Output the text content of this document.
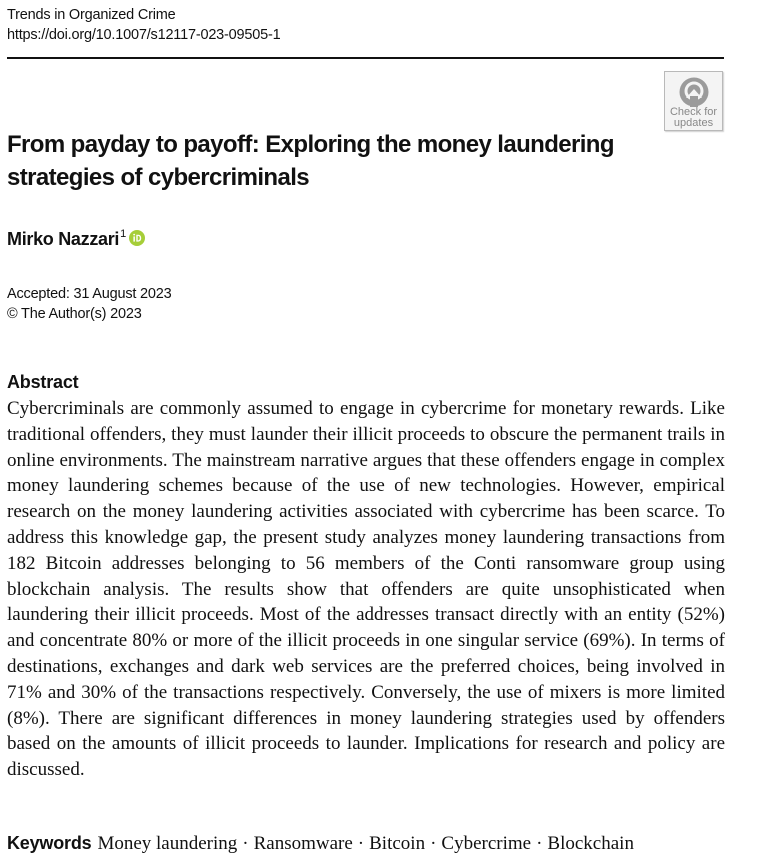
Trends in Organized Crime
https://doi.org/10.1007/s12117-023-09505-1
Check for
updates
From payday to payoff: Exploring the money laundering
strategies of cybercriminals
Mirko Nazzari$^1$
Accepted: 31 August 2023
© The Author(s) 2023
Abstract

Cybercriminals are commonly assumed to engage in cybercrime for monetary rewards. Like traditional offenders, they must launder their illicit proceeds to obscure the permanent trails in online environments. The mainstream narrative argues that these offenders engage in complex money laundering schemes because of the use of new technologies. However, empirical research on the money laundering activities associated with cybercrime has been scarce. To address this knowledge gap, the present study analyzes money laundering transactions from 182 Bitcoin addresses belonging to 56 members of the Conti ransomware group using blockchain analysis. The results show that offenders are quite unsophisticated when laundering their illicit proceeds. Most of the addresses transact directly with an entity (52%) and concentrate 80% or more of the illicit proceeds in one singular service (69%). In terms of destinations, exchanges and dark web services are the preferred choices, being involved in 71% and 30% of the transactions respectively. Conversely, the use of mixers is more limited (8%). There are significant differences in money laundering strategies used by offenders based on the amounts of illicit proceeds to launder. Implications for research and policy are discussed.

Keywords Money laundering · Ransomware · Bitcoin · Cybercrime · Blockchain
